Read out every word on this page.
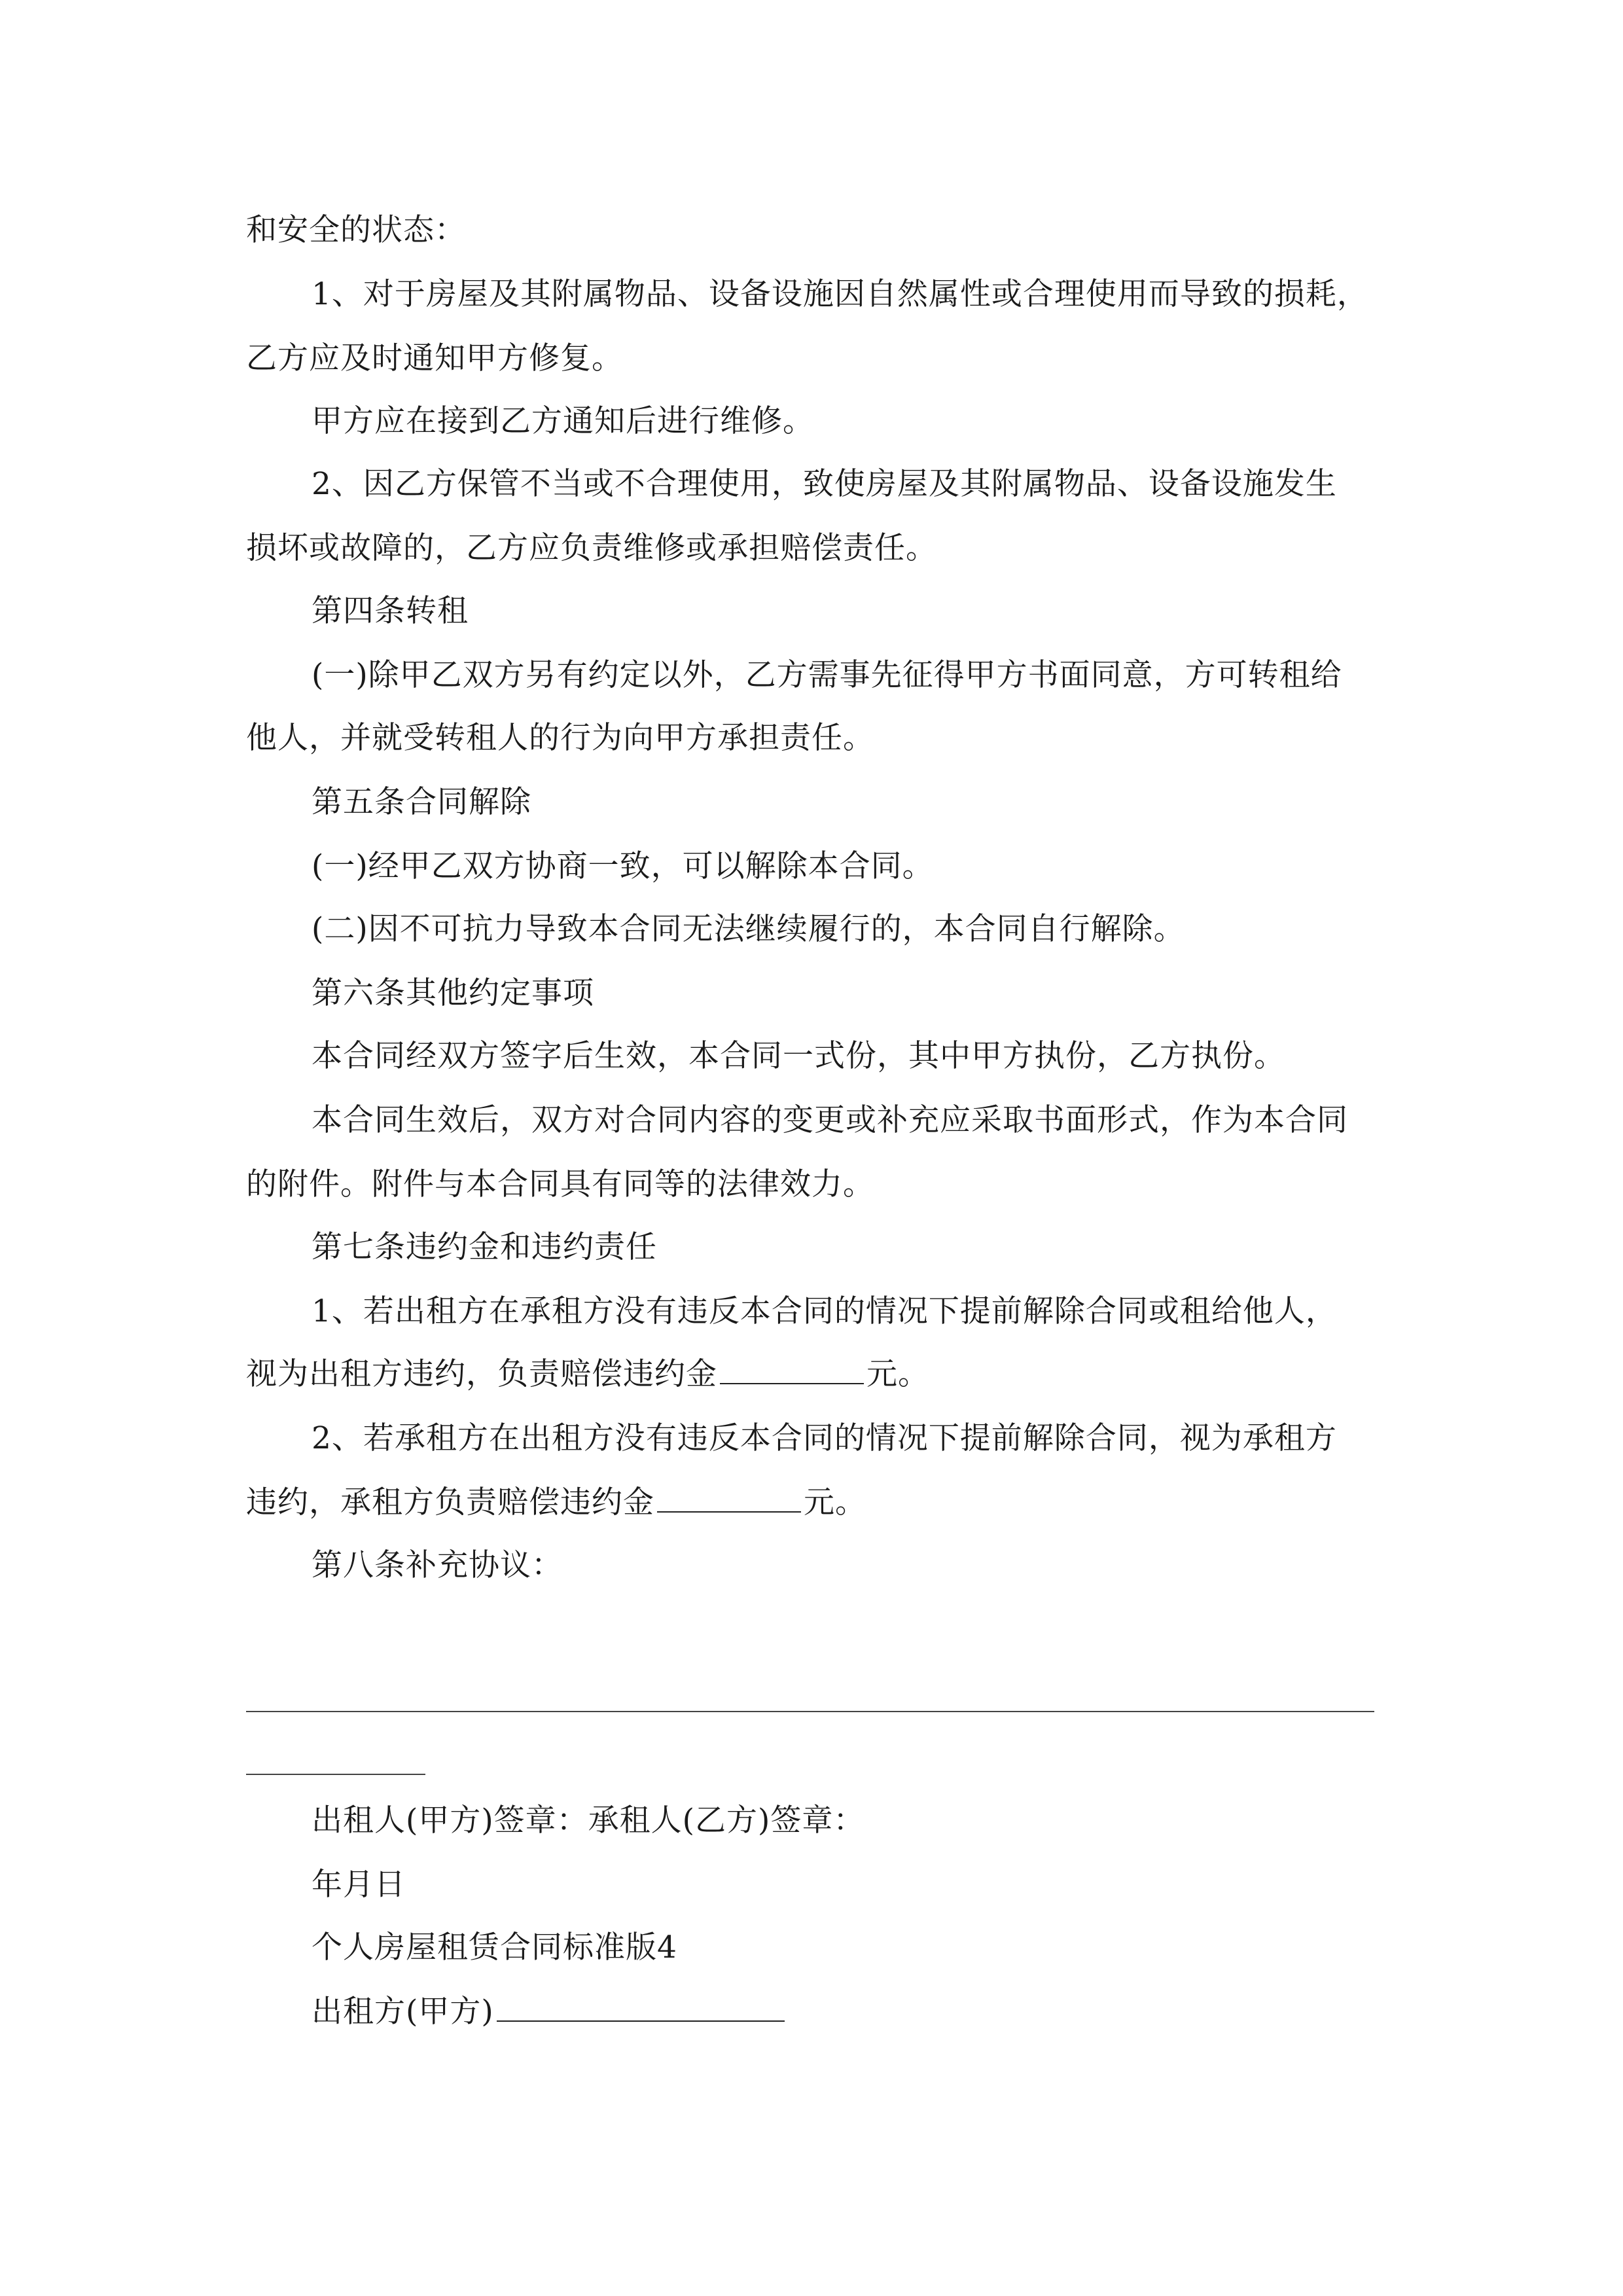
和安全的状态：
1、对于房屋及其附属物品、设备设施因自然属性或合理使用而导致的损耗，
乙方应及时通知甲方修复。
甲方应在接到乙方通知后进行维修。
2、因乙方保管不当或不合理使用，致使房屋及其附属物品、设备设施发生
损坏或故障的，乙方应负责维修或承担赔偿责任。
第四条转租
(一)除甲乙双方另有约定以外，乙方需事先征得甲方书面同意，方可转租给
他人，并就受转租人的行为向甲方承担责任。
第五条合同解除
(一)经甲乙双方协商一致，可以解除本合同。
(二)因不可抗力导致本合同无法继续履行的，本合同自行解除。
第六条其他约定事项
本合同经双方签字后生效，本合同一式份，其中甲方执份，乙方执份。
本合同生效后，双方对合同内容的变更或补充应采取书面形式，作为本合同
的附件。附件与本合同具有同等的法律效力。
第七条违约金和违约责任
1、若出租方在承租方没有违反本合同的情况下提前解除合同或租给他人，
视为出租方违约，负责赔偿违约金	元。
2、若承租方在出租方没有违反本合同的情况下提前解除合同，视为承租方
违约，承租方负责赔偿违约金	元。
第八条补充协议：
出租人(甲方)签章：承租人(乙方)签章：
年月日
个人房屋租赁合同标准版4
出租方(甲方)
